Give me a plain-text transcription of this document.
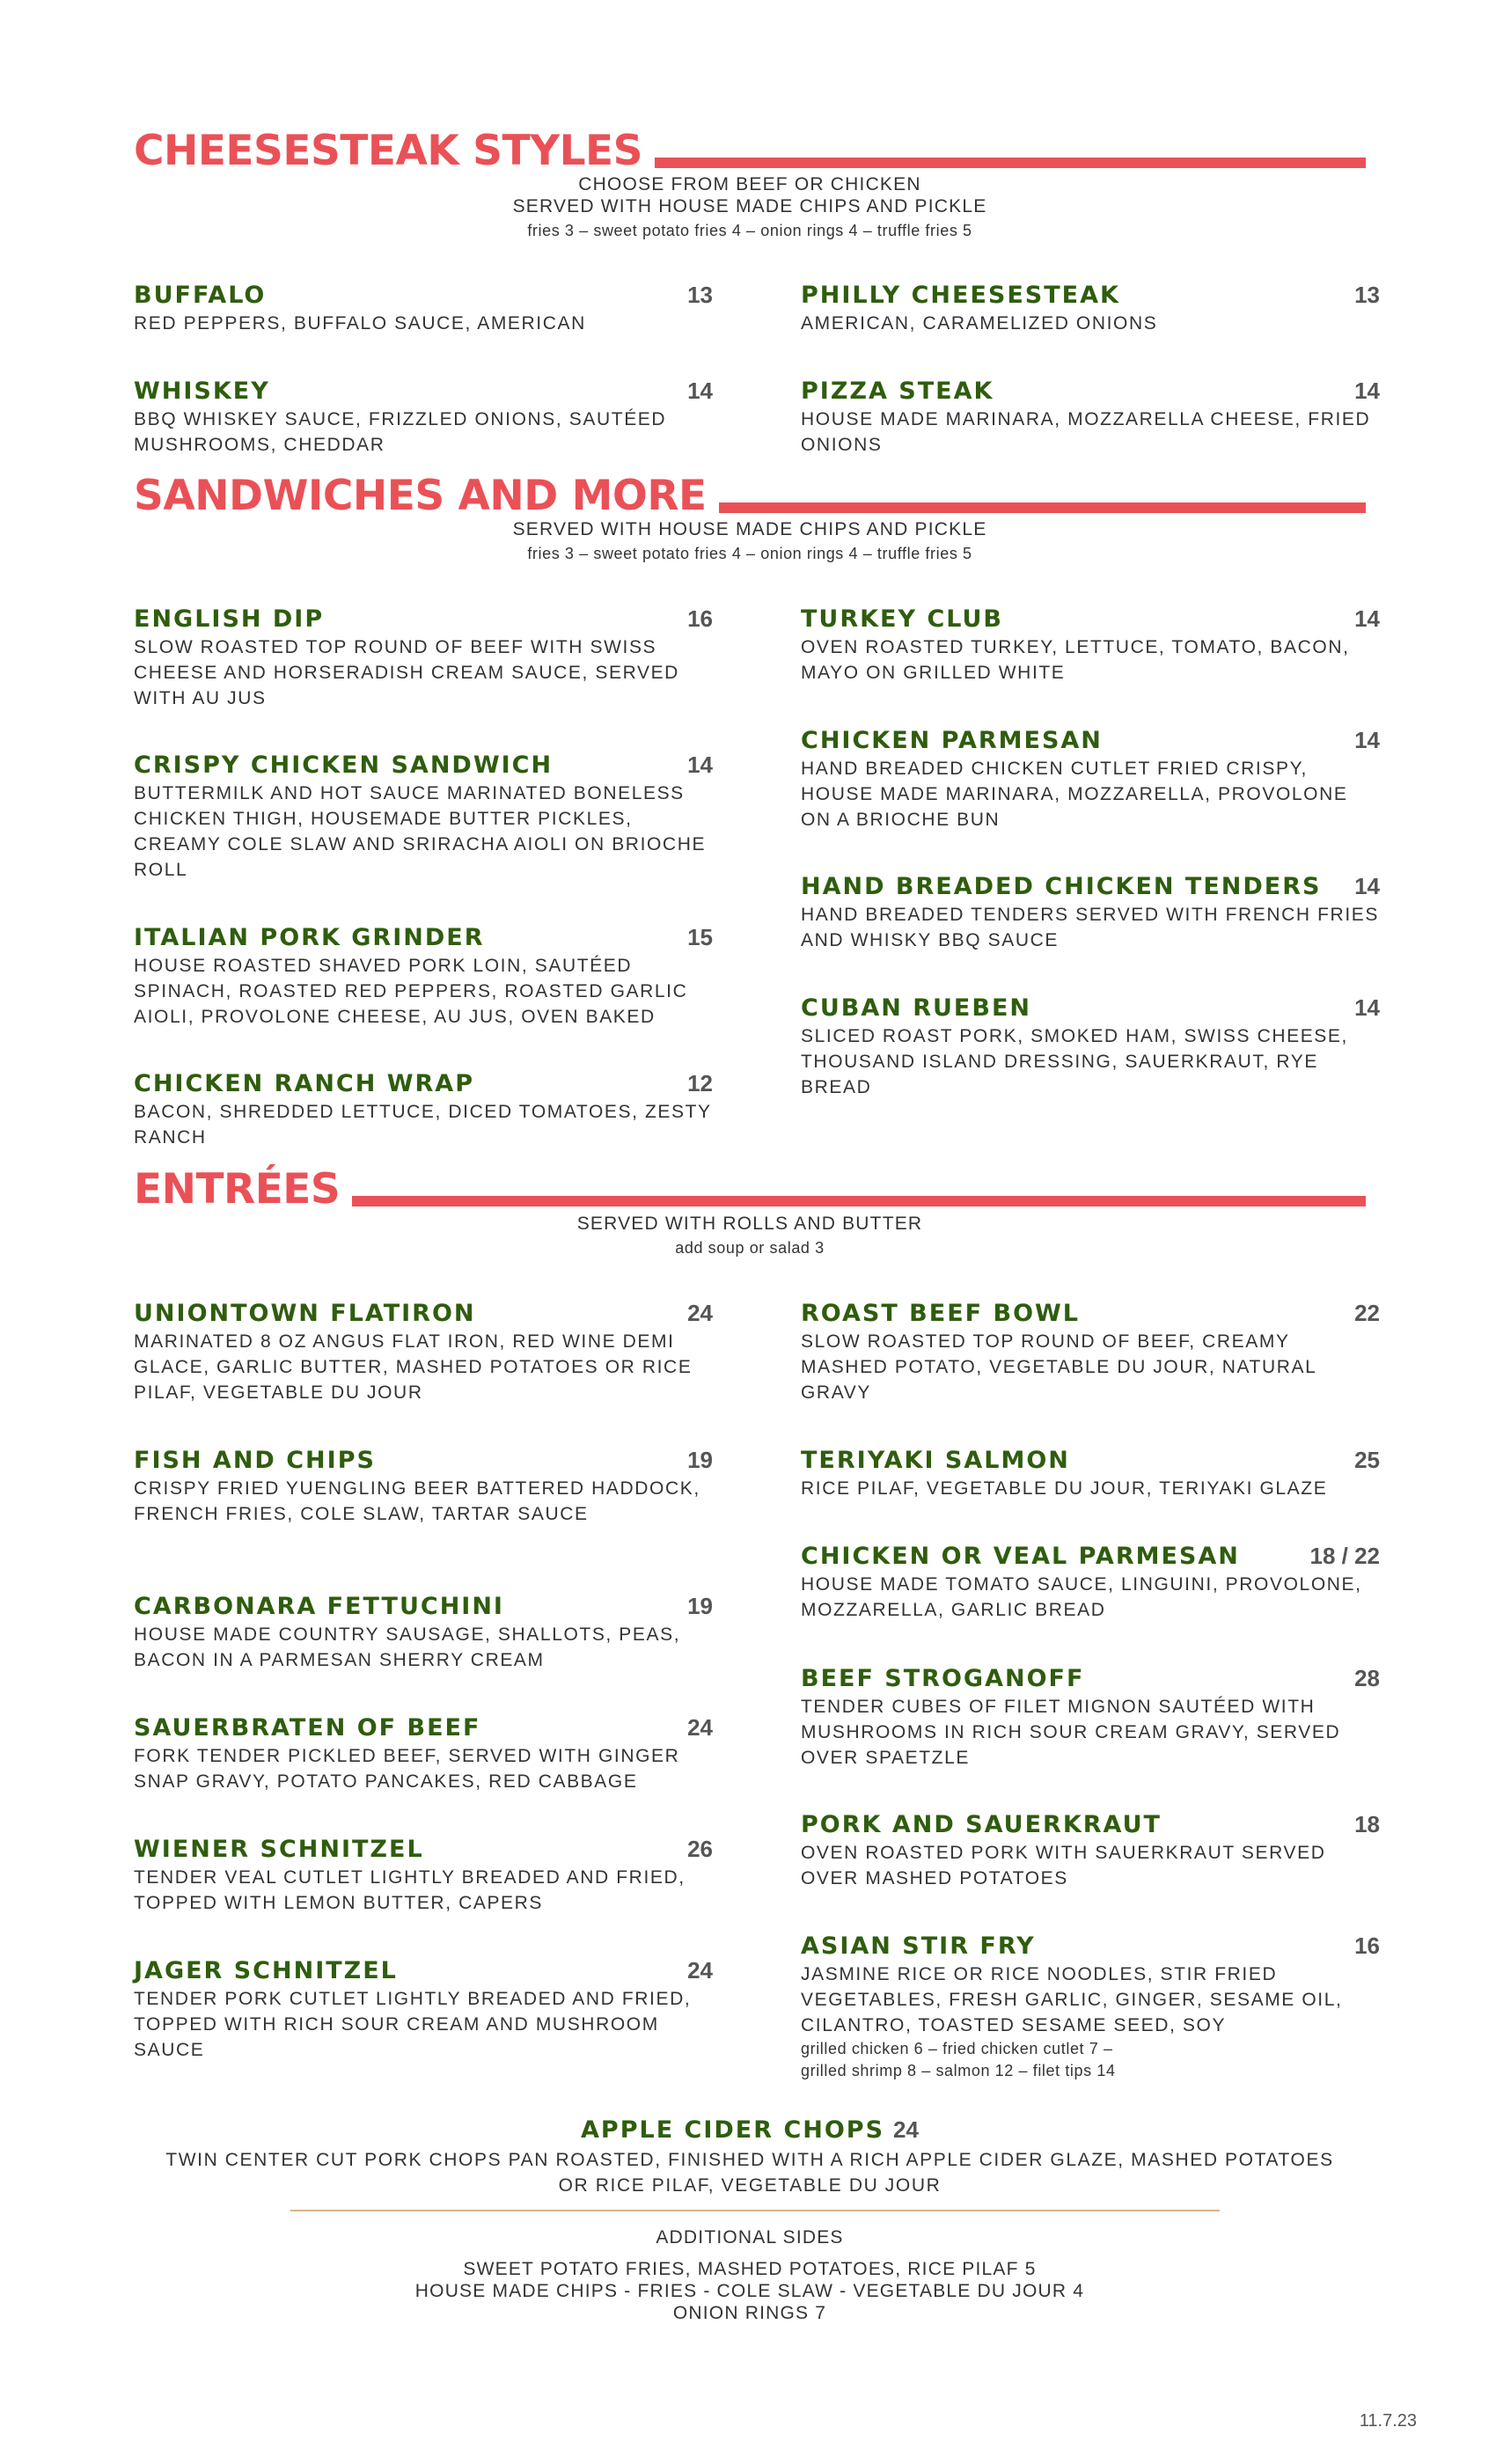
CHEESESTEAK STYLES
CHOOSE FROM BEEF OR CHICKEN
SERVED WITH HOUSE MADE CHIPS AND PICKLE
fries 3 – sweet potato fries 4 – onion rings 4 – truffle fries 5
BUFFALO	13
RED PEPPERS, BUFFALO SAUCE, AMERICAN
PHILLY CHEESESTEAK	13
AMERICAN, CARAMELIZED ONIONS
WHISKEY	14
BBQ WHISKEY SAUCE, FRIZZLED ONIONS, SAUTÉED MUSHROOMS, CHEDDAR
PIZZA STEAK	14
HOUSE MADE MARINARA, MOZZARELLA CHEESE, FRIED ONIONS
SANDWICHES AND MORE
SERVED WITH HOUSE MADE CHIPS AND PICKLE
fries 3 – sweet potato fries 4 – onion rings 4 – truffle fries 5
ENGLISH DIP	16
SLOW ROASTED TOP ROUND OF BEEF WITH SWISS CHEESE AND HORSERADISH CREAM SAUCE, SERVED WITH AU JUS
CRISPY CHICKEN SANDWICH	14
BUTTERMILK AND HOT SAUCE MARINATED BONELESS CHICKEN THIGH, HOUSEMADE BUTTER PICKLES, CREAMY COLE SLAW AND SRIRACHA AIOLI ON BRIOCHE ROLL
ITALIAN PORK GRINDER	15
HOUSE ROASTED SHAVED PORK LOIN, SAUTÉED SPINACH, ROASTED RED PEPPERS, ROASTED GARLIC AIOLI, PROVOLONE CHEESE, AU JUS, OVEN BAKED
CHICKEN RANCH WRAP	12
BACON, SHREDDED LETTUCE, DICED TOMATOES, ZESTY RANCH
TURKEY CLUB	14
OVEN ROASTED TURKEY, LETTUCE, TOMATO, BACON, MAYO ON GRILLED WHITE
CHICKEN PARMESAN	14
HAND BREADED CHICKEN CUTLET FRIED CRISPY, HOUSE MADE MARINARA, MOZZARELLA, PROVOLONE ON A BRIOCHE BUN
HAND BREADED CHICKEN TENDERS 14
HAND BREADED TENDERS SERVED WITH FRENCH FRIES AND WHISKY BBQ SAUCE
CUBAN RUEBEN	14
SLICED ROAST PORK, SMOKED HAM, SWISS CHEESE, THOUSAND ISLAND DRESSING, SAUERKRAUT, RYE BREAD
ENTRÉES
SERVED WITH ROLLS AND BUTTER
add soup or salad 3
UNIONTOWN FLATIRON	24
MARINATED 8 OZ ANGUS FLAT IRON, RED WINE DEMI GLACE, GARLIC BUTTER, MASHED POTATOES OR RICE PILAF, VEGETABLE DU JOUR
FISH AND CHIPS	19
CRISPY FRIED YUENGLING BEER BATTERED HADDOCK, FRENCH FRIES, COLE SLAW, TARTAR SAUCE
CARBONARA FETTUCHINI	19
HOUSE MADE COUNTRY SAUSAGE, SHALLOTS, PEAS, BACON IN A PARMESAN SHERRY CREAM
SAUERBRATEN OF BEEF	24
FORK TENDER PICKLED BEEF, SERVED WITH GINGER SNAP GRAVY, POTATO PANCAKES, RED CABBAGE
WIENER SCHNITZEL	26
TENDER VEAL CUTLET LIGHTLY BREADED AND FRIED, TOPPED WITH LEMON BUTTER, CAPERS
JAGER SCHNITZEL	24
TENDER PORK CUTLET LIGHTLY BREADED AND FRIED, TOPPED WITH RICH SOUR CREAM AND MUSHROOM SAUCE
ROAST BEEF BOWL	22
SLOW ROASTED TOP ROUND OF BEEF, CREAMY MASHED POTATO, VEGETABLE DU JOUR, NATURAL GRAVY
TERIYAKI SALMON	25
RICE PILAF, VEGETABLE DU JOUR, TERIYAKI GLAZE
CHICKEN OR VEAL PARMESAN	18 / 22
HOUSE MADE TOMATO SAUCE, LINGUINI, PROVOLONE, MOZZARELLA, GARLIC BREAD
BEEF STROGANOFF	28
TENDER CUBES OF FILET MIGNON SAUTÉED WITH MUSHROOMS IN RICH SOUR CREAM GRAVY, SERVED OVER SPAETZLE
PORK AND SAUERKRAUT	18
OVEN ROASTED PORK WITH SAUERKRAUT SERVED OVER MASHED POTATOES
ASIAN STIR FRY	16
JASMINE RICE OR RICE NOODLES, STIR FRIED VEGETABLES, FRESH GARLIC, GINGER, SESAME OIL, CILANTRO, TOASTED SESAME SEED, SOY
grilled chicken 6 – fried chicken cutlet 7 –
grilled shrimp 8 – salmon 12 – filet tips 14
APPLE CIDER CHOPS 24
TWIN CENTER CUT PORK CHOPS PAN ROASTED, FINISHED WITH A RICH APPLE CIDER GLAZE, MASHED POTATOES OR RICE PILAF, VEGETABLE DU JOUR
ADDITIONAL SIDES
SWEET POTATO FRIES, MASHED POTATOES, RICE PILAF 5
HOUSE MADE CHIPS - FRIES - COLE SLAW - VEGETABLE DU JOUR 4
ONION RINGS 7
11.7.23
